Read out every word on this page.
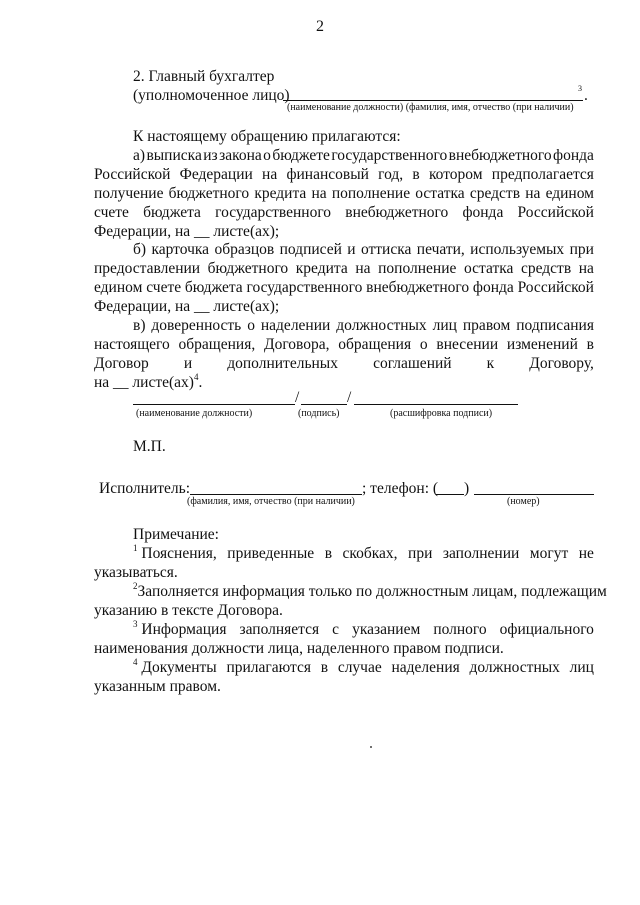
2
2. Главный бухгалтер
(уполномоченное лицо)	3 .
(наименование должности) (фамилия, имя, отчество (при наличии)
К настоящему обращению прилагаются:
а) выписка из закона о бюджете государственного внебюджетного фонда
Российской Федерации на финансовый год, в котором предполагается
получение бюджетного кредита на пополнение остатка средств на едином
счете бюджета государственного внебюджетного фонда Российской
Федерации, на __ листе(ах);
б) карточка образцов подписей и оттиска печати, используемых при
предоставлении бюджетного кредита на пополнение остатка средств на
едином счете бюджета государственного внебюджетного фонда Российской
Федерации, на __ листе(ах);
в) доверенность о наделении должностных лиц правом подписания
настоящего обращения, Договора, обращения о внесении изменений в
Договор и дополнительных соглашений к Договору,
на __ листе(ах)$^4$.
/	/
(наименование должности)	(подпись)	(расшифровка подписи)
М.П.
Исполнитель:	; телефон: ( )
(фамилия, имя, отчество (при наличии)	(номер)
Примечание:
$^1$ Пояснения, приведенные в скобках, при заполнении могут не
указываться.
$^2$Заполняется информация только по должностным лицам, подлежащим
указанию в тексте Договора.
$^3$ Информация заполняется с указанием полного официального
наименования должности лица, наделенного правом подписи.
$^4$ Документы прилагаются в случае наделения должностных лиц
указанным правом.
